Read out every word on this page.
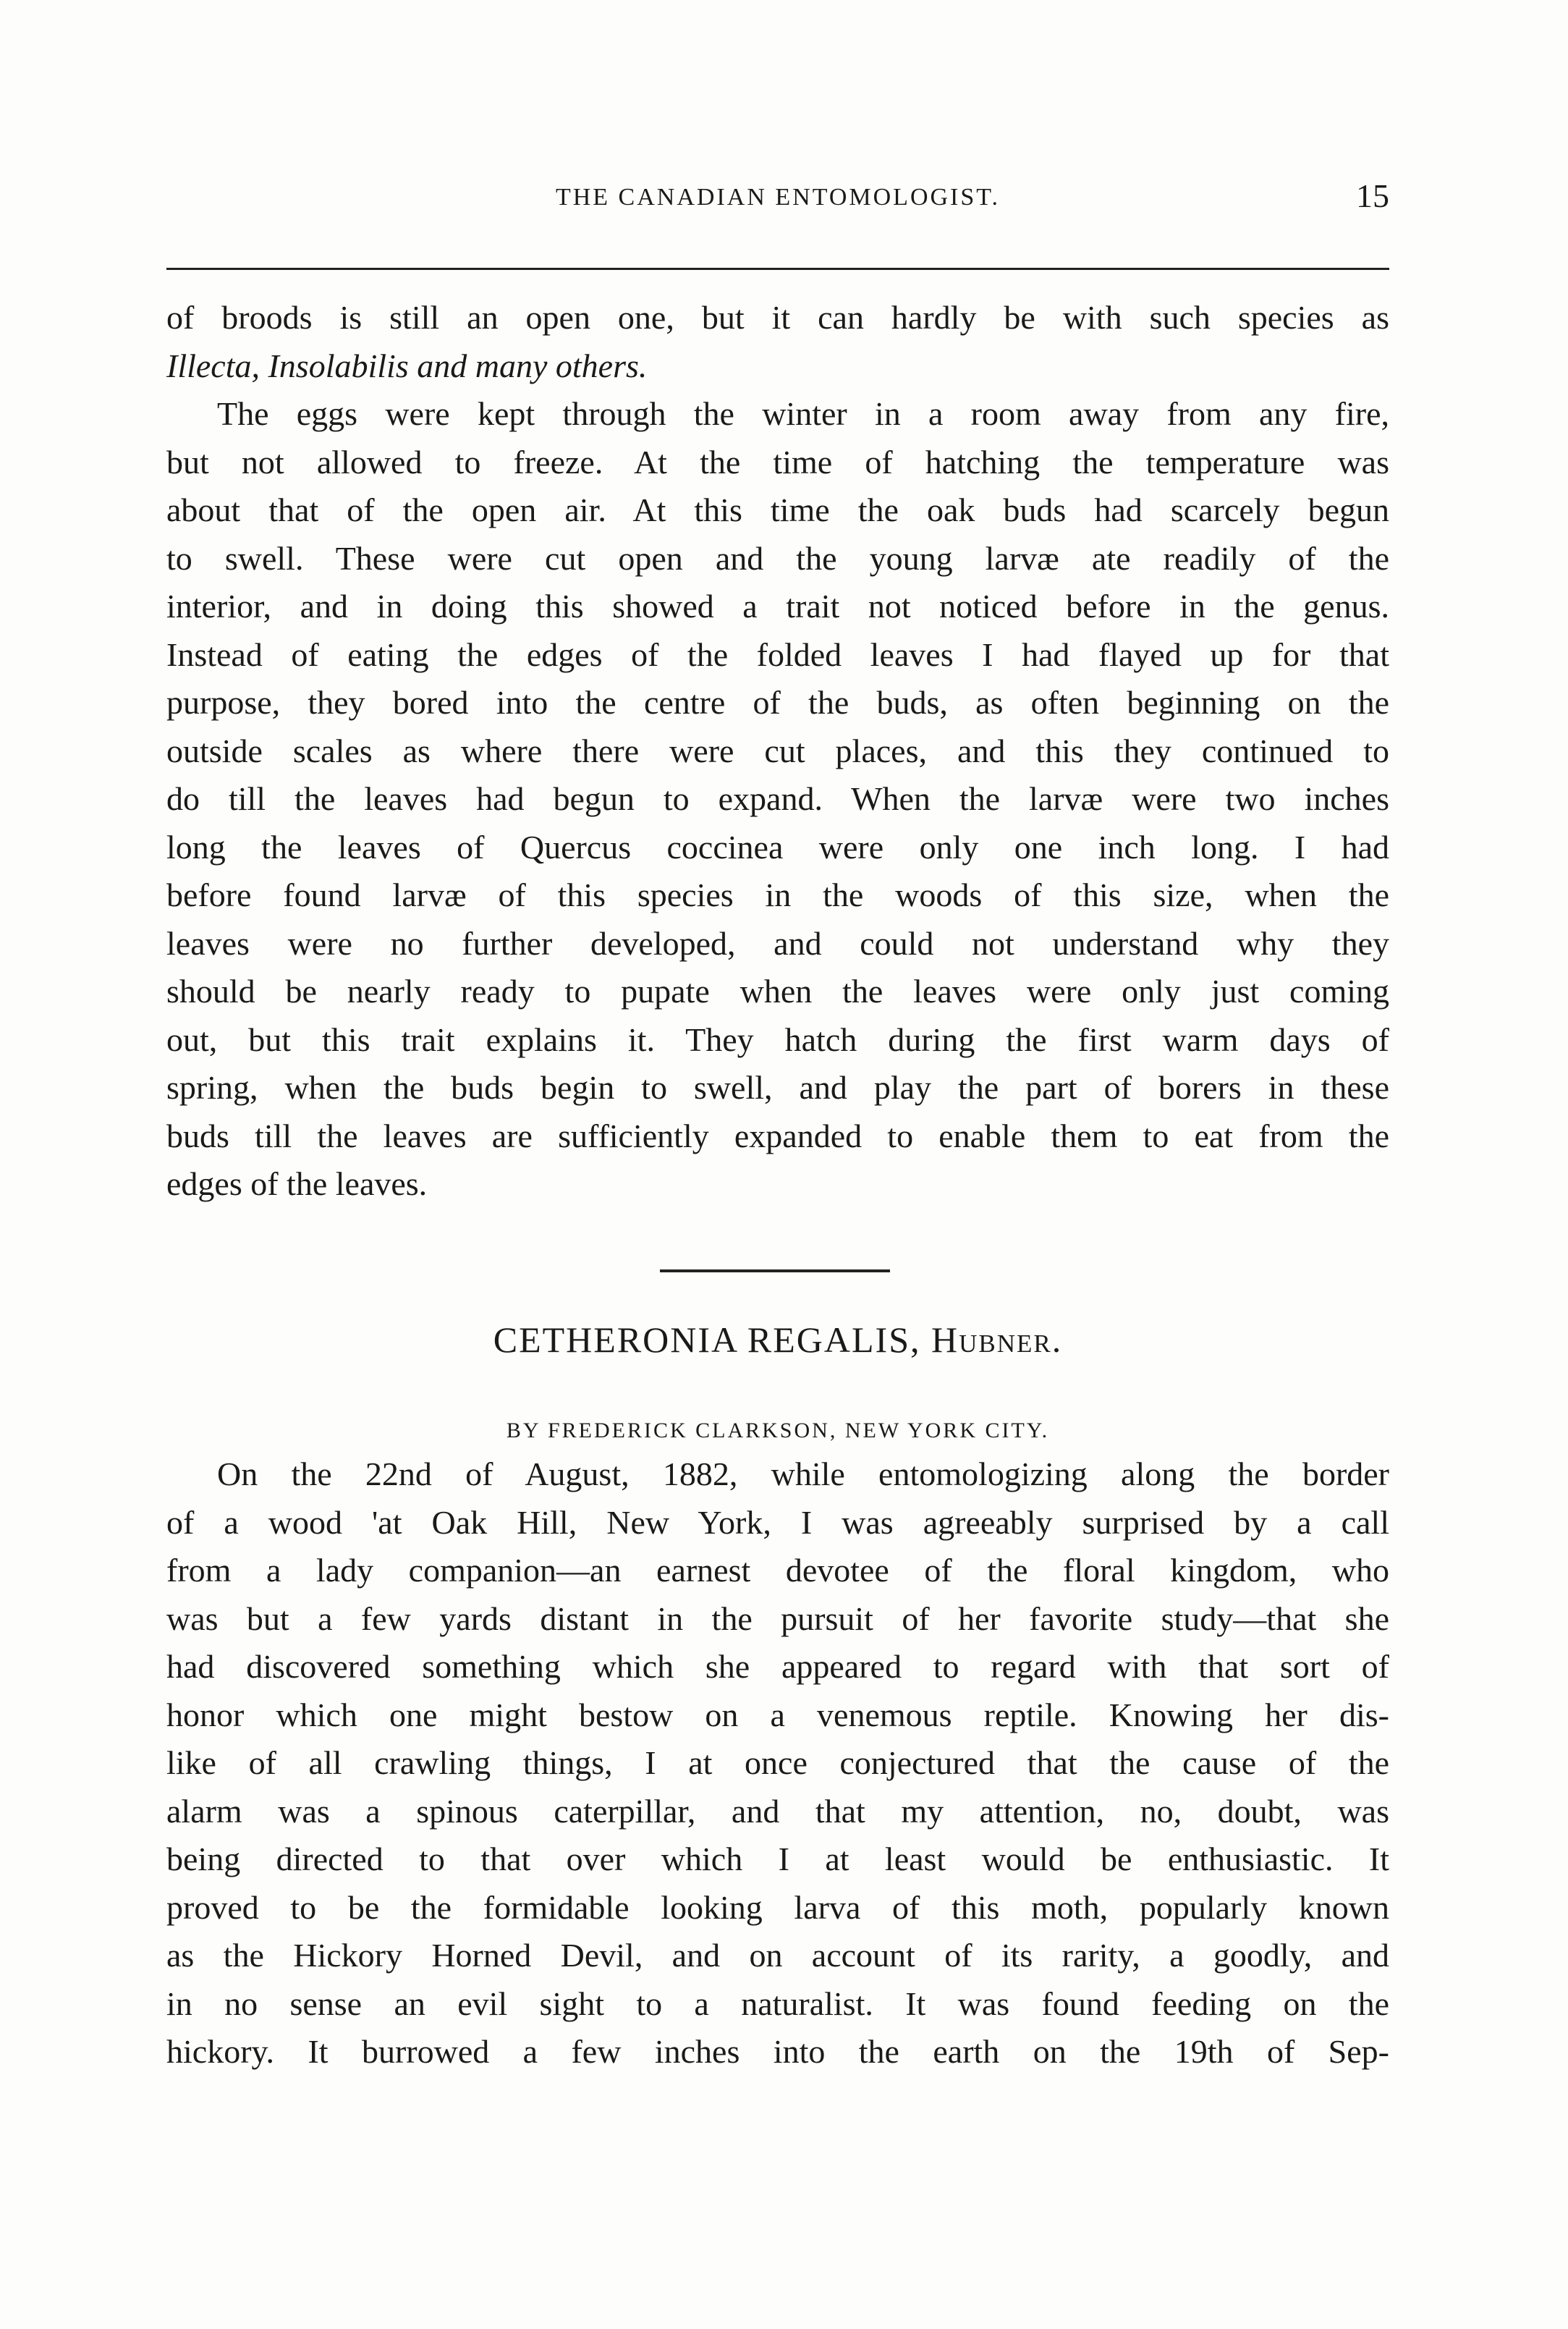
THE CANADIAN ENTOMOLOGIST.	15
of broods is still an open one, but it can hardly be with such species as
Illecta, Insolabilis and many others.
The eggs were kept through the winter in a room away from any fire,
but not allowed to freeze. At the time of hatching the temperature was
about that of the open air. At this time the oak buds had scarcely begun
to swell. These were cut open and the young larvæ ate readily of the
interior, and in doing this showed a trait not noticed before in the genus.
Instead of eating the edges of the folded leaves I had flayed up for that
purpose, they bored into the centre of the buds, as often beginning on the
outside scales as where there were cut places, and this they continued to
do till the leaves had begun to expand. When the larvæ were two inches
long the leaves of Quercus coccinea were only one inch long. I had
before found larvæ of this species in the woods of this size, when the
leaves were no further developed, and could not understand why they
should be nearly ready to pupate when the leaves were only just coming
out, but this trait explains it. They hatch during the first warm days of
spring, when the buds begin to swell, and play the part of borers in these
buds till the leaves are sufficiently expanded to enable them to eat from the
edges of the leaves.
CETHERONIA REGALIS, Hubner.
BY FREDERICK CLARKSON, NEW YORK CITY.
On the 22nd of August, 1882, while entomologizing along the border
of a wood 'at Oak Hill, New York, I was agreeably surprised by a call
from a lady companion—an earnest devotee of the floral kingdom, who
was but a few yards distant in the pursuit of her favorite study—that she
had discovered something which she appeared to regard with that sort of
honor which one might bestow on a venemous reptile. Knowing her dis-
like of all crawling things, I at once conjectured that the cause of the
alarm was a spinous caterpillar, and that my attention, no, doubt, was
being directed to that over which I at least would be enthusiastic. It
proved to be the formidable looking larva of this moth, popularly known
as the Hickory Horned Devil, and on account of its rarity, a goodly, and
in no sense an evil sight to a naturalist. It was found feeding on the
hickory. It burrowed a few inches into the earth on the 19th of Sep-
